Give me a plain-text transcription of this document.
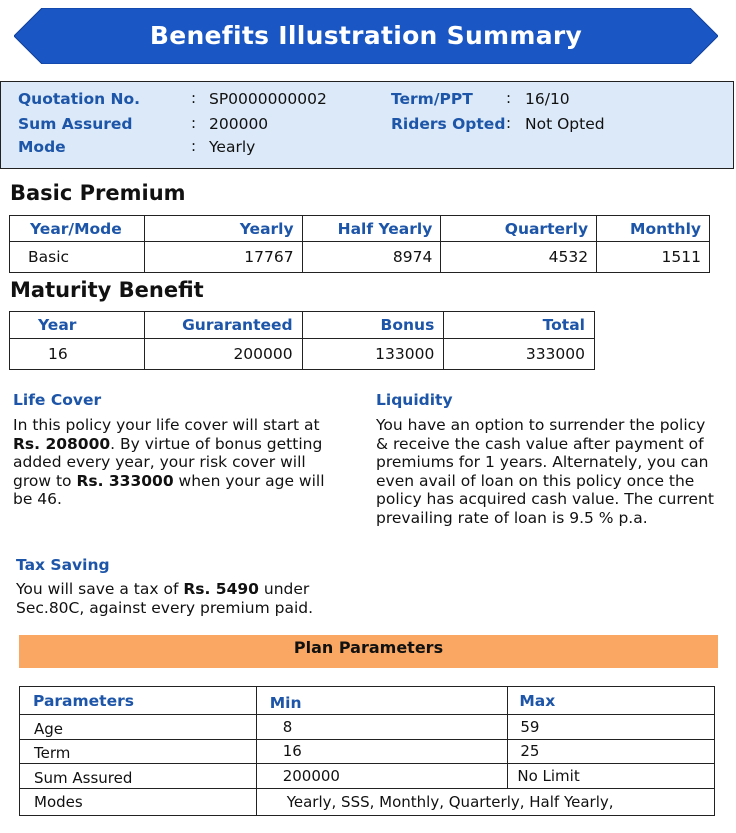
Benefits Illustration Summary
Quotation No.	: SP0000000002
Sum Assured	: 200000
Mode	: Yearly
Term/PPT : 16/10
Riders Opted : Not Opted
Basic Premium
Year/Mode	Yearly	Half Yearly	Quarterly	Monthly
Basic	17767	8974	4532	1511
Maturity Benefit
Year	Guraranteed	Bonus	Total
16	200000	133000	333000
Life Cover
In this policy your life cover will start at Rs. 208000. By virtue of bonus getting added every year, your risk cover will grow to Rs. 333000 when your age will be 46.
Liquidity
You have an option to surrender the policy & receive the cash value after payment of premiums for 1 years. Alternately, you can even avail of loan on this policy once the policy has acquired cash value. The current prevailing rate of loan is 9.5 % p.a.
Tax Saving
You will save a tax of Rs. 5490 under Sec.80C, against every premium paid.
Plan Parameters
Parameters	Min	Max
Age	8	59
Term	16	25
Sum Assured	200000	No Limit
Modes	Yearly, SSS, Monthly, Quarterly, Half Yearly,	
